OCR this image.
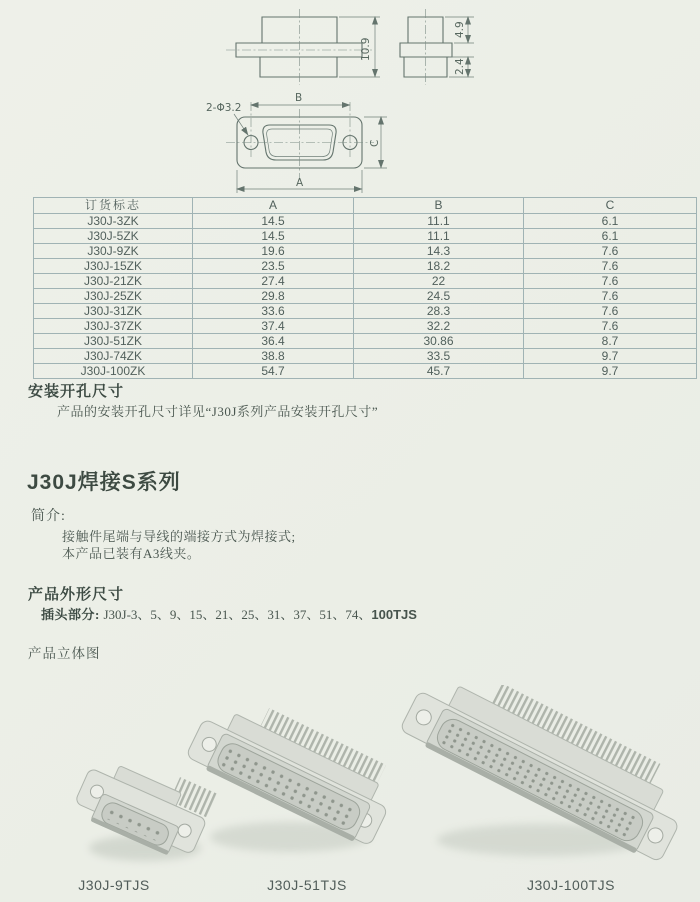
10.9
4.9
2.4
B
2-Φ3.2
C
A
订货标志	A	B	C
J30J-3ZK	14.5	11.1	6.1
J30J-5ZK	14.5	11.1	6.1
J30J-9ZK	19.6	14.3	7.6
J30J-15ZK	23.5	18.2	7.6
J30J-21ZK	27.4	22	7.6
J30J-25ZK	29.8	24.5	7.6
J30J-31ZK	33.6	28.3	7.6
J30J-37ZK	37.4	32.2	7.6
J30J-51ZK	36.4	30.86	8.7
J30J-74ZK	38.8	33.5	9.7
J30J-100ZK	54.7	45.7	9.7
安装开孔尺寸
产品的安装开孔尺寸详见“J30J系列产品安装开孔尺寸”
J30J焊接S系列
简介:
接触件尾端与导线的端接方式为焊接式;
本产品已装有A3线夹。
产品外形尺寸
插头部分: J30J-3、5、9、15、21、25、31、37、51、74、100TJS
产品立体图
J30J-9TJS	J30J-51TJS	J30J-100TJS
